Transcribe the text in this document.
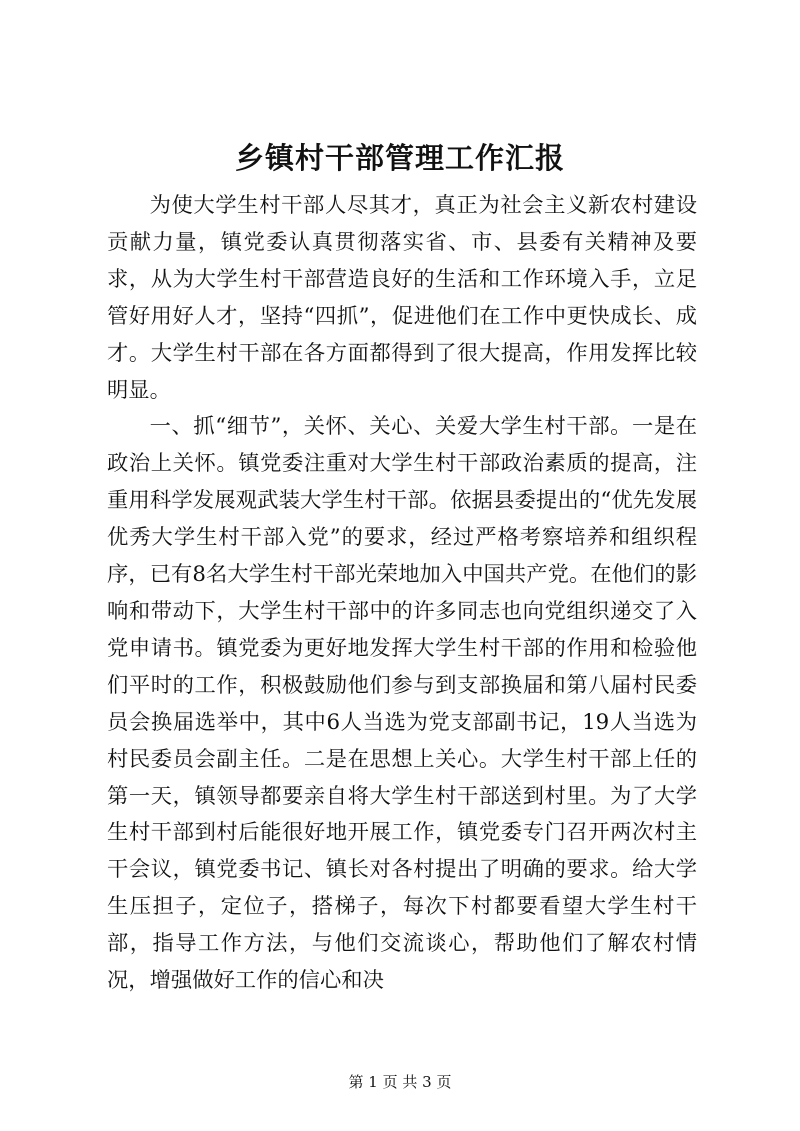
乡镇村干部管理工作汇报

为使大学生村干部人尽其才，真正为社会主义新农村建设贡献力量，镇党委认真贯彻落实省、市、县委有关精神及要求，从为大学生村干部营造良好的生活和工作环境入手，立足管好用好人才，坚持“四抓”，促进他们在工作中更快成长、成才。大学生村干部在各方面都得到了很大提高，作用发挥比较明显。

一、抓“细节”，关怀、关心、关爱大学生村干部。一是在政治上关怀。镇党委注重对大学生村干部政治素质的提高，注重用科学发展观武装大学生村干部。依据县委提出的“优先发展优秀大学生村干部入党”的要求，经过严格考察培养和组织程序，已有8名大学生村干部光荣地加入中国共产党。在他们的影响和带动下，大学生村干部中的许多同志也向党组织递交了入党申请书。镇党委为更好地发挥大学生村干部的作用和检验他们平时的工作，积极鼓励他们参与到支部换届和第八届村民委员会换届选举中，其中6人当选为党支部副书记，19人当选为村民委员会副主任。二是在思想上关心。大学生村干部上任的第一天，镇领导都要亲自将大学生村干部送到村里。为了大学生村干部到村后能很好地开展工作，镇党委专门召开两次村主干会议，镇党委书记、镇长对各村提出了明确的要求。给大学生压担子，定位子，搭梯子，每次下村都要看望大学生村干部，指导工作方法，与他们交流谈心，帮助他们了解农村情况，增强做好工作的信心和决

第 1 页 共 3 页
